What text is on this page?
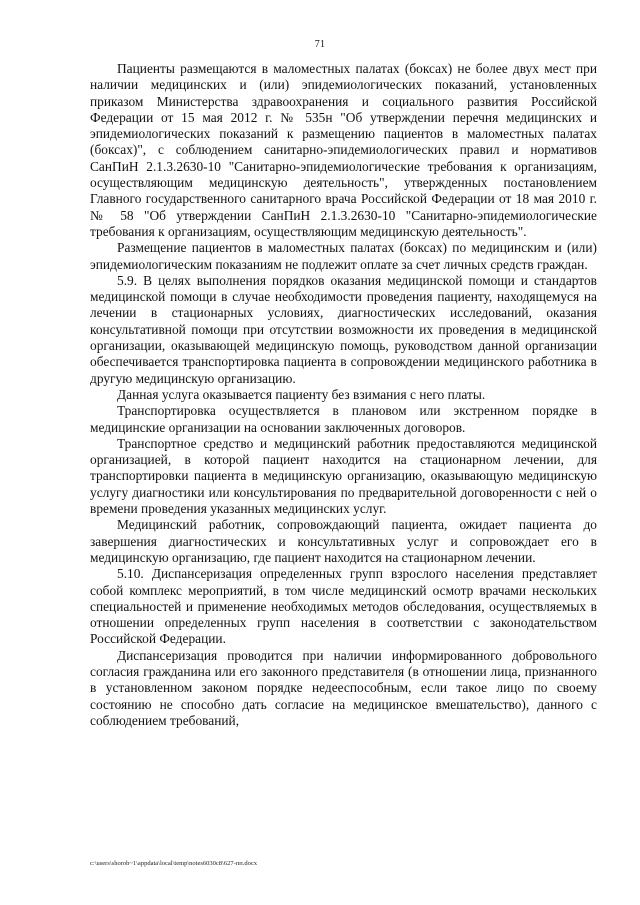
71

Пациенты размещаются в маломестных палатах (боксах) не более двух мест при наличии медицинских и (или) эпидемиологических показаний, установленных приказом Министерства здравоохранения и социального развития Российской Федерации от 15 мая 2012 г. № 535н "Об утверждении перечня медицинских и эпидемиологических показаний к размещению пациентов в маломестных палатах (боксах)", с соблюдением санитарно-эпидемиологических правил и нормативов СанПиН 2.1.3.2630-10 "Санитарно-эпидемиологические требования к организациям, осуществляющим медицинскую деятельность", утвержденных постановлением Главного государственного санитарного врача Российской Федерации от 18 мая 2010 г. № 58 "Об утверждении СанПиН 2.1.3.2630-10 "Санитарно-эпидемиологические требования к организациям, осуществляющим медицинскую деятельность".

Размещение пациентов в маломестных палатах (боксах) по медицинским и (или) эпидемиологическим показаниям не подлежит оплате за счет личных средств граждан.

5.9. В целях выполнения порядков оказания медицинской помощи и стандартов медицинской помощи в случае необходимости проведения пациенту, находящемуся на лечении в стационарных условиях, диагностических исследований, оказания консультативной помощи при отсутствии возможности их проведения в медицинской организации, оказывающей медицинскую помощь, руководством данной организации обеспечивается транспортировка пациента в сопровождении медицинского работника в другую медицинскую организацию.

Данная услуга оказывается пациенту без взимания с него платы.

Транспортировка осуществляется в плановом или экстренном порядке в медицинские организации на основании заключенных договоров.

Транспортное средство и медицинский работник предоставляются медицинской организацией, в которой пациент находится на стационарном лечении, для транспортировки пациента в медицинскую организацию, оказывающую медицинскую услугу диагностики или консультирования по предварительной договоренности с ней о времени проведения указанных медицинских услуг.

Медицинский работник, сопровождающий пациента, ожидает пациента до завершения диагностических и консультативных услуг и сопровождает его в медицинскую организацию, где пациент находится на стационарном лечении.

5.10. Диспансеризация определенных групп взрослого населения представляет собой комплекс мероприятий, в том числе медицинский осмотр врачами нескольких специальностей и применение необходимых методов обследования, осуществляемых в отношении определенных групп населения в соответствии с законодательством Российской Федерации.

Диспансеризация проводится при наличии информированного добровольного согласия гражданина или его законного представителя (в отношении лица, признанного в установленном законом порядке недееспособным, если такое лицо по своему состоянию не способно дать согласие на медицинское вмешательство), данного с соблюдением требований,

c:\users\shorob~1\appdata\local\temp\notes6030c8\627-пп.docx
